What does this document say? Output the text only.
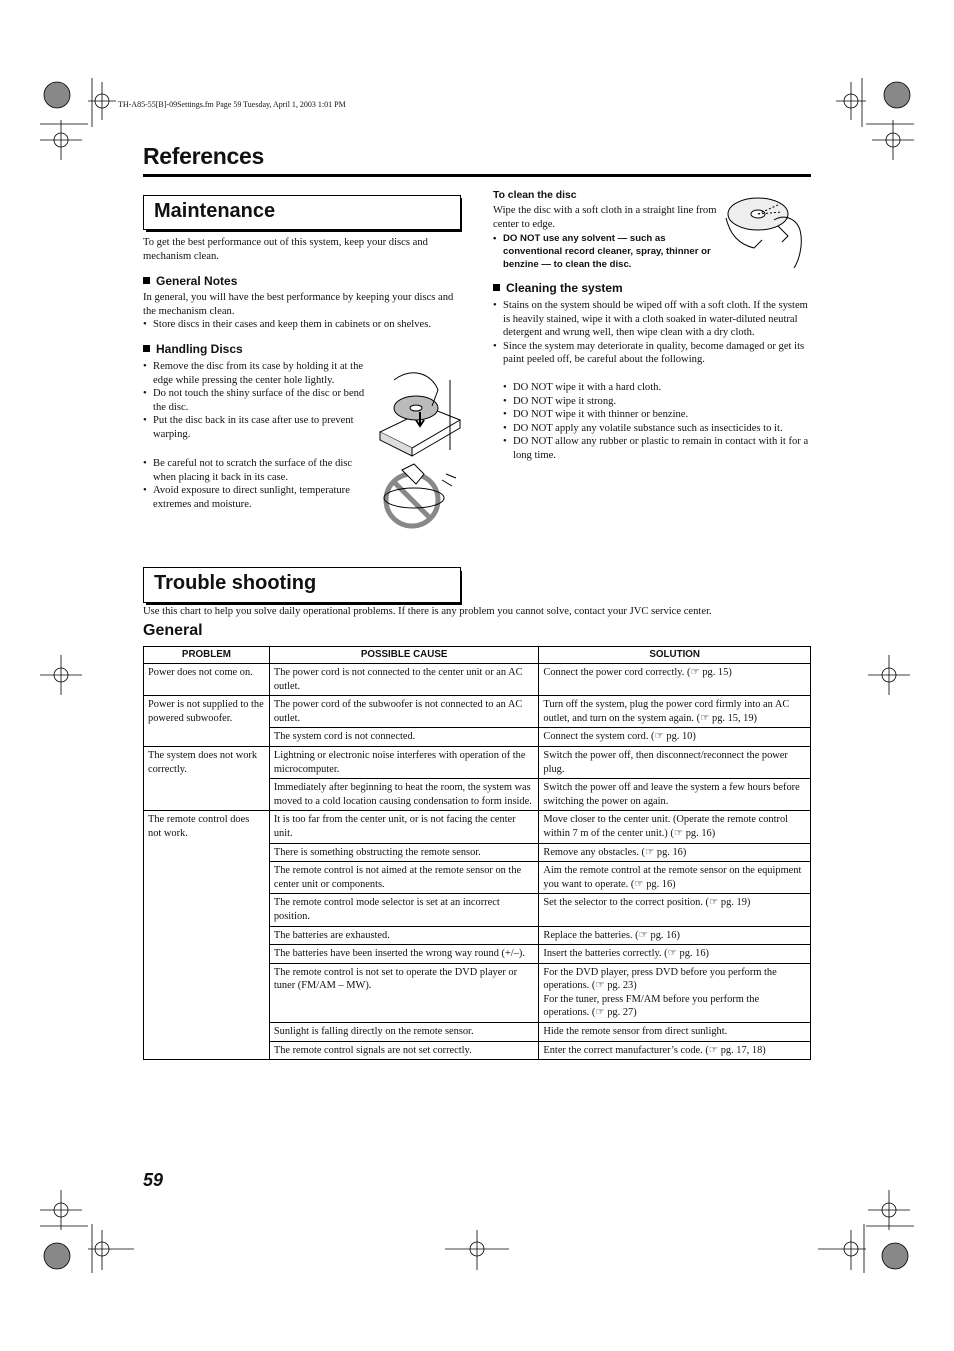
TH-A85-55[B]-09Settings.fm Page 59 Tuesday, April 1, 2003 1:01 PM
References
Maintenance
To get the best performance out of this system, keep your discs and mechanism clean.
General Notes
In general, you will have the best performance by keeping your discs and the mechanism clean.
• Store discs in their cases and keep them in cabinets or on shelves.
Handling Discs
• Remove the disc from its case by holding it at the edge while pressing the center hole lightly.
• Do not touch the shiny surface of the disc or bend the disc.
• Put the disc back in its case after use to prevent warping.
• Be careful not to scratch the surface of the disc when placing it back in its case.
• Avoid exposure to direct sunlight, temperature extremes and moisture.
To clean the disc
Wipe the disc with a soft cloth in a straight line from center to edge.
• DO NOT use any solvent — such as conventional record cleaner, spray, thinner or benzine — to clean the disc.
Cleaning the system
• Stains on the system should be wiped off with a soft cloth. If the system is heavily stained, wipe it with a cloth soaked in water-diluted neutral detergent and wrung well, then wipe clean with a dry cloth.
• Since the system may deteriorate in quality, become damaged or get its paint peeled off, be careful about the following.
• DO NOT wipe it with a hard cloth.
• DO NOT wipe it strong.
• DO NOT wipe it with thinner or benzine.
• DO NOT apply any volatile substance such as insecticides to it.
• DO NOT allow any rubber or plastic to remain in contact with it for a long time.
Trouble shooting
Use this chart to help you solve daily operational problems. If there is any problem you cannot solve, contact your JVC service center.
General
PROBLEM	POSSIBLE CAUSE	SOLUTION
Power does not come on.	The power cord is not connected to the center unit or an AC outlet.	Connect the power cord correctly. (☞ pg. 15)
Power is not supplied to the powered subwoofer.	The power cord of the subwoofer is not connected to an AC outlet.	Turn off the system, plug the power cord firmly into an AC outlet, and turn on the system again. (☞ pg. 15, 19)
	The system cord is not connected.	Connect the system cord. (☞ pg. 10)
The system does not work correctly.	Lightning or electronic noise interferes with operation of the microcomputer.	Switch the power off, then disconnect/reconnect the power plug.
	Immediately after beginning to heat the room, the system was moved to a cold location causing condensation to form inside.	Switch the power off and leave the system a few hours before switching the power on again.
The remote control does not work.	It is too far from the center unit, or is not facing the center unit.	Move closer to the center unit. (Operate the remote control within 7 m of the center unit.) (☞ pg. 16)
	There is something obstructing the remote sensor.	Remove any obstacles. (☞ pg. 16)
	The remote control is not aimed at the remote sensor on the center unit or components.	Aim the remote control at the remote sensor on the equipment you want to operate. (☞ pg. 16)
	The remote control mode selector is set at an incorrect position.	Set the selector to the correct position. (☞ pg. 19)
	The batteries are exhausted.	Replace the batteries. (☞ pg. 16)
	The batteries have been inserted the wrong way round (+/–).	Insert the batteries correctly. (☞ pg. 16)
	The remote control is not set to operate the DVD player or tuner (FM/AM – MW).	For the DVD player, press DVD before you perform the operations. (☞ pg. 23)
For the tuner, press FM/AM before you perform the operations. (☞ pg. 27)
	Sunlight is falling directly on the remote sensor.	Hide the remote sensor from direct sunlight.
	The remote control signals are not set correctly.	Enter the correct manufacturer’s code. (☞ pg. 17, 18)
59
